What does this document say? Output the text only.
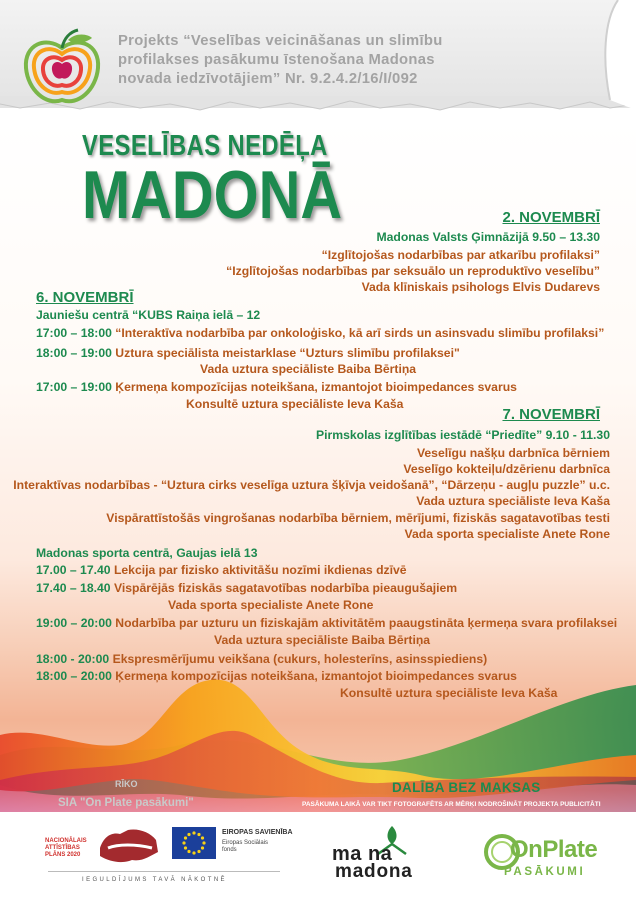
Projekts “Veselības veicināšanas un slimību
profilakses pasākumu īstenošana Madonas
novada iedzīvotājiem” Nr. 9.2.4.2/16/I/092
VESELĪBAS NEDĒĻA
MADONĀ	2. NOVEMBRĪ
Madonas Valsts Ģimnāzijā 9.50 – 13.30
“Izglītojošas nodarbības par atkarību profilaksi”
“Izglītojošas nodarbības par seksuālo un reproduktīvo veselību”
Vada klīniskais psihologs Elvis Dudarevs
6. NOVEMBRĪ
Jauniešu centrā “KUBS Raiņa ielā – 12
17:00 – 18:00 “Interaktīva nodarbība par onkoloģisko, kā arī sirds un asinsvadu slimību profilaksi”
18:00 – 19:00 Uztura speciālista meistarklase “Uzturs slimību profilaksei"
Vada uztura speciāliste Baiba Bērtiņa
17:00 – 19:00 Ķermeņa kompozīcijas noteikšana, izmantojot bioimpedances svarus
Konsultē uztura speciāliste Ieva Kaša
7. NOVEMBRĪ
Pirmskolas izglītības iestādē “Priedīte” 9.10 - 11.30
Veselīgu našķu darbnīca bērniem
Veselīgo kokteiļu/dzērienu darbnīca
Interaktīvas nodarbības - “Uztura cirks veselīga uztura šķīvja veidošanā”, “Dārzeņu - augļu puzzle” u.c.
Vada uztura speciāliste Ieva Kaša
Vispārattīstošās vingrošanas nodarbība bērniem, mērījumi, fiziskās sagatavotības testi
Vada sporta specialiste Anete Rone
Madonas sporta centrā, Gaujas ielā 13
17.00 – 17.40 Lekcija par fizisko aktivitāšu nozīmi ikdienas dzīvē
17.40 – 18.40 Vispārējās fiziskās sagatavotības nodarbība pieaugušajiem
Vada sporta specialiste Anete Rone
19:00 – 20:00 Nodarbība par uzturu un fiziskajām aktivitātēm paaugstināta ķermeņa svara profilaksei
Vada uztura speciāliste Baiba Bērtiņa
18:00 - 20:00 Ekspresmērījumu veikšana (cukurs, holesterīns, asinsspiediens)
18:00 – 20:00 Ķermeņa kompozīcijas noteikšana, izmantojot bioimpedances svarus
Konsultē uztura speciāliste Ieva Kaša
RĪKO
SIA "On Plate pasākumi"
DALĪBA BEZ MAKSAS
PASĀKUMA LAIKĀ VAR TIKT FOTOGRAFĒTS AR MĒRĶI NODROŠINĀT PROJEKTA PUBLICITĀTI
NACIONĀLAIS
ATTĪSTĪBAS
PLĀNS 2020
EIROPAS SAVIENĪBA
Eiropas Sociālais
fonds
IEGULDĪJUMS TAVĀ NĀKOTNĒ
ma na
madona
OnPlate
PASĀKUMI
